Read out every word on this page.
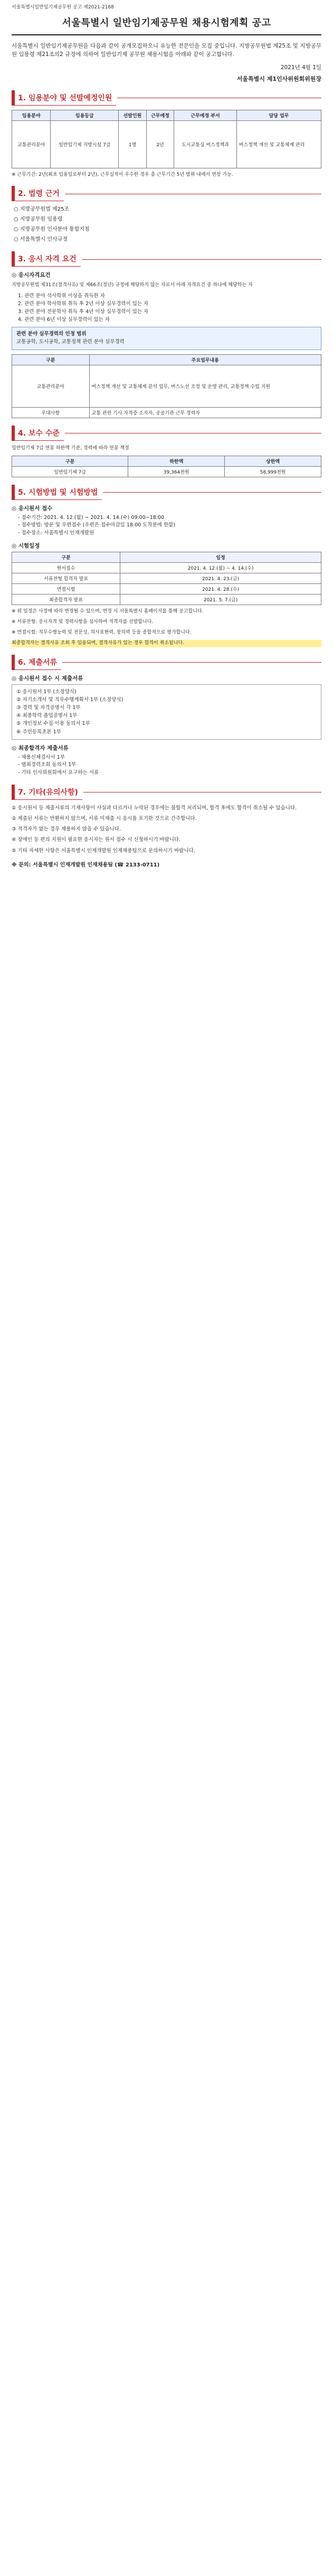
서울특별시일반임기제공무원 공고 제2021-2168
서울특별시 일반임기제공무원 채용시험계획 공고
서울특별시 일반임기제공무원을 다음과 같이 공개모집하오니 유능한 전문인을 모집 중입니다. 지방공무원법 제25조 및 지방공무원 임용령 제21조의2 규정에 의하여 일반임기제 공무원 채용시험을 아래와 같이 공고합니다.
2021년 4월 1일
서울특별시 제1인사위원회위원장
1. 임용분야 및 선발예정인원
임용분야	임용등급	선발인원	근무예정	근무예정 부서	담당 업무
교통관리분야	일반임기제 지방시설 7급	1명	2년	도시교통실 버스정책과	버스정책 개선 및 교통체계 관리
※ 근무기간: 2년(최초 임용일로부터 2년), 근무실적이 우수한 경우 총 근무기간 5년 범위 내에서 연장 가능.
2. 법령 근거
○ 지방공무원법 제25조
○ 지방공무원 임용령
○ 지방공무원 인사분야 통합지침
○ 서울특별시 인사규정
3. 응시 자격 요건
◎ 응시자격요건
지방공무원법 제31조(결격사유) 및 제66조(정년) 규정에 해당하지 않는 자로서 아래 자격요건 중 하나에 해당하는 자
1. 관련 분야 석사학위 이상을 취득한 자
2. 관련 분야 학사학위 취득 후 2년 이상 실무경력이 있는 자
3. 관련 분야 전문학사 취득 후 4년 이상 실무경력이 있는 자
4. 관련 분야 6년 이상 실무경력이 있는 자
관련 분야 실무경력의 인정 범위
교통공학, 도시공학, 교통정책 관련 분야 실무경력
구분	주요업무내용
교통관리분야	버스정책 개선 및 교통체계 분석 업무, 버스노선 조정 및 운영 관리, 교통정책 수립 지원
우대사항	교통 관련 기사 자격증 소지자, 공공기관 근무 경력자
4. 보수 수준
일반임기제 7급 연봉 하한액 기준, 경력에 따라 연봉 책정
구분	하한액	상한액
일반임기제 7급	39,364천원	58,999천원
5. 시험방법 및 시험방법
◎ 응시원서 접수
- 접수기간: 2021. 4. 12.(월) ~ 2021. 4. 14.(수) 09:00~18:00
- 접수방법: 방문 및 우편접수 (우편은 접수마감일 18:00 도착분에 한함)
- 접수장소: 서울특별시 인재개발원
◎ 시험일정
구분	일정
원서접수	2021. 4. 12.(월) ~ 4. 14.(수)
서류전형 합격자 발표	2021. 4. 23.(금)
면접시험	2021. 4. 28.(수)
최종합격자 발표	2021. 5. 7.(금)
※ 위 일정은 사정에 따라 변경될 수 있으며, 변경 시 서울특별시 홈페이지를 통해 공고합니다.
※ 서류전형: 응시자격 및 경력사항을 심사하여 적격자를 선발합니다.
※ 면접시험: 직무수행능력 및 전문성, 의사표현력, 창의력 등을 종합적으로 평가합니다.
최종합격자는 결격사유 조회 후 임용되며, 결격사유가 있는 경우 합격이 취소됩니다.
6. 제출서류
◎ 응시원서 접수 시 제출서류
① 응시원서 1부 (소정양식)
② 자기소개서 및 직무수행계획서 1부 (소정양식)
③ 경력 및 자격증명서 각 1부
④ 최종학력 졸업증명서 1부
⑤ 개인정보 수집·이용 동의서 1부
⑥ 주민등록초본 1부
◎ 최종합격자 제출서류
- 채용신체검사서 1부
- 범죄경력조회 동의서 1부
- 기타 인사위원회에서 요구하는 서류
7. 기타(유의사항)
① 응시원서 등 제출서류의 기재사항이 사실과 다르거나 누락된 경우에는 불합격 처리되며, 합격 후에도 합격이 취소될 수 있습니다.
② 제출된 서류는 반환하지 않으며, 서류 미제출 시 응시를 포기한 것으로 간주합니다.
③ 적격자가 없는 경우 채용하지 않을 수 있습니다.
④ 장애인 등 편의 지원이 필요한 응시자는 원서 접수 시 신청하시기 바랍니다.
⑤ 기타 자세한 사항은 서울특별시 인재개발원 인재채용팀으로 문의하시기 바랍니다.
※ 문의: 서울특별시 인재개발원 인재채용팀 (☎ 2133-0711)
